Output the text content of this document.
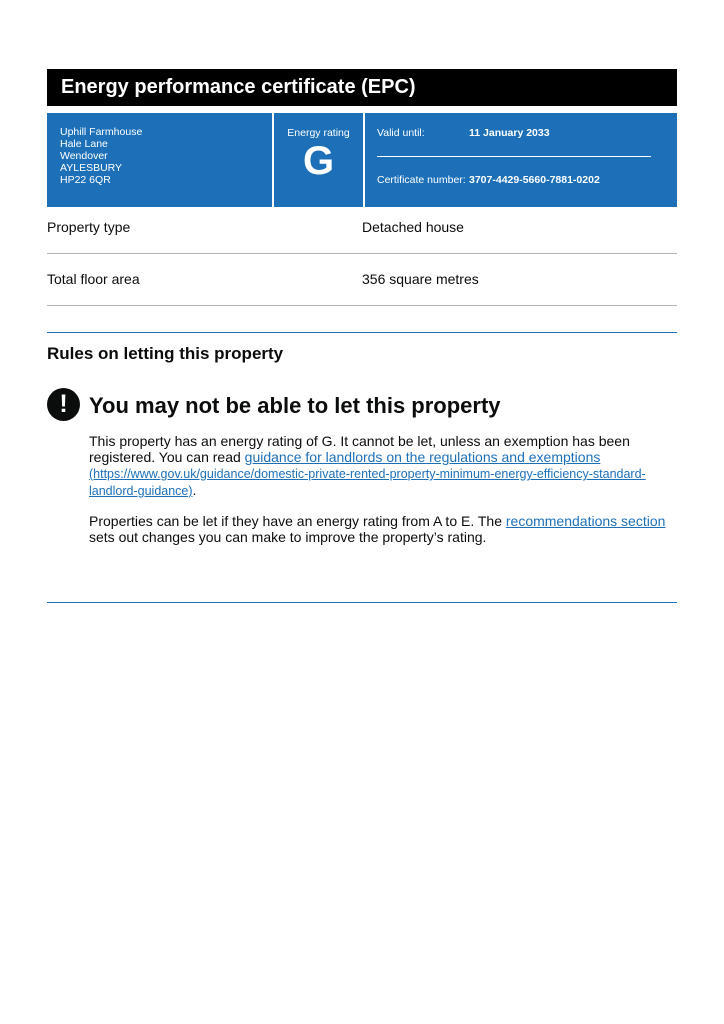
Energy performance certificate (EPC)
Uphill Farmhouse
Hale Lane
Wendover
AYLESBURY
HP22 6QR
Energy rating
G
Valid until:	11 January 2033
Certificate number: 3707-4429-5660-7881-0202
Property type	Detached house
Total floor area	356 square metres
Rules on letting this property
! You may not be able to let this property

This property has an energy rating of G. It cannot be let, unless an exemption has been registered. You can read guidance for landlords on the regulations and exemptions
(https://www.gov.uk/guidance/domestic-private-rented-property-minimum-energy-efficiency-standard-landlord-guidance).

Properties can be let if they have an energy rating from A to E. The recommendations section sets out changes you can make to improve the property’s rating.
